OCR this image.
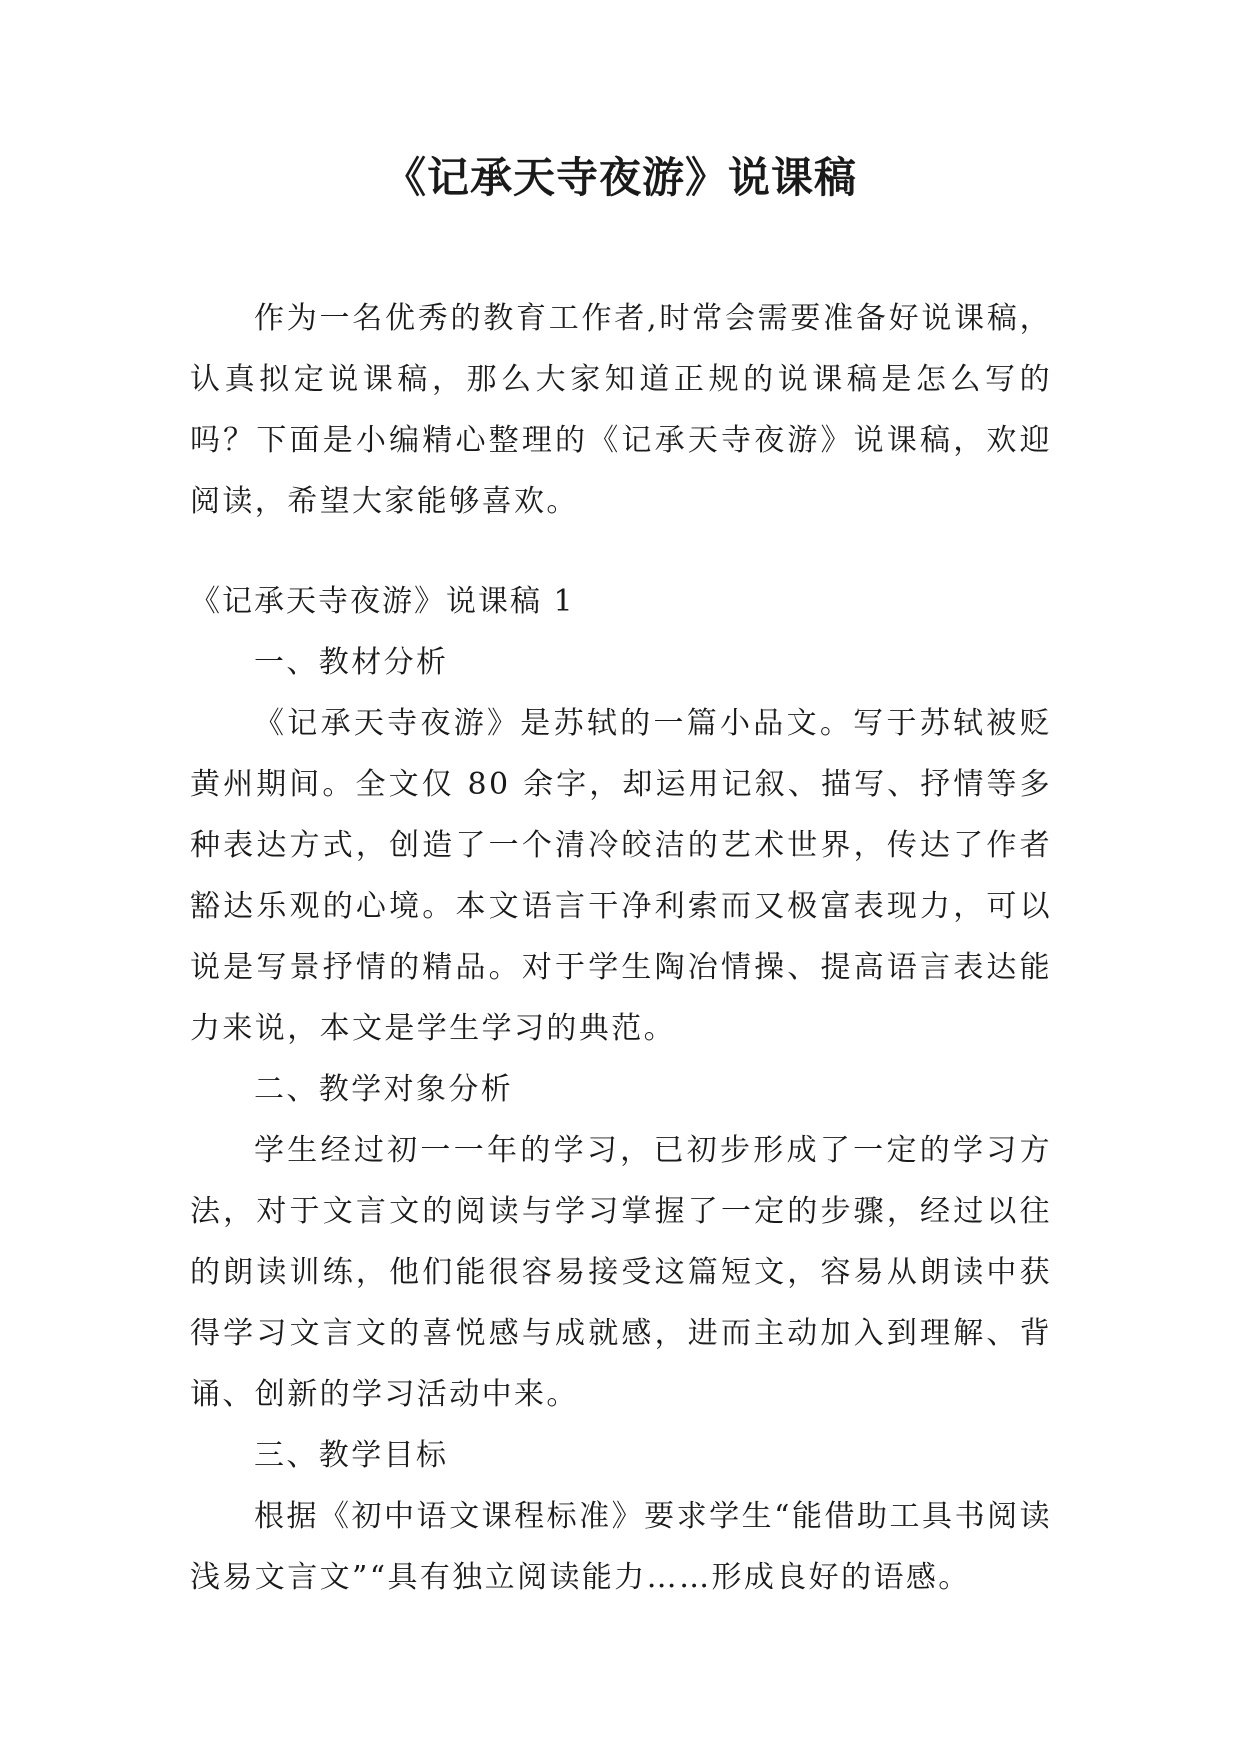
《记承天寺夜游》说课稿

作为一名优秀的教育工作者,时常会需要准备好说课稿，认真拟定说课稿，那么大家知道正规的说课稿是怎么写的吗？下面是小编精心整理的《记承天寺夜游》说课稿，欢迎阅读，希望大家能够喜欢。

《记承天寺夜游》说课稿 1

一、教材分析

《记承天寺夜游》是苏轼的一篇小品文。写于苏轼被贬黄州期间。全文仅 80 余字，却运用记叙、描写、抒情等多种表达方式，创造了一个清冷皎洁的艺术世界，传达了作者豁达乐观的心境。本文语言干净利索而又极富表现力，可以说是写景抒情的精品。对于学生陶冶情操、提高语言表达能力来说，本文是学生学习的典范。

二、教学对象分析

学生经过初一一年的学习，已初步形成了一定的学习方法，对于文言文的阅读与学习掌握了一定的步骤，经过以往的朗读训练，他们能很容易接受这篇短文，容易从朗读中获得学习文言文的喜悦感与成就感，进而主动加入到理解、背诵、创新的学习活动中来。

三、教学目标

根据《初中语文课程标准》要求学生“能借助工具书阅读浅易文言文”“具有独立阅读能力……形成良好的语感。
